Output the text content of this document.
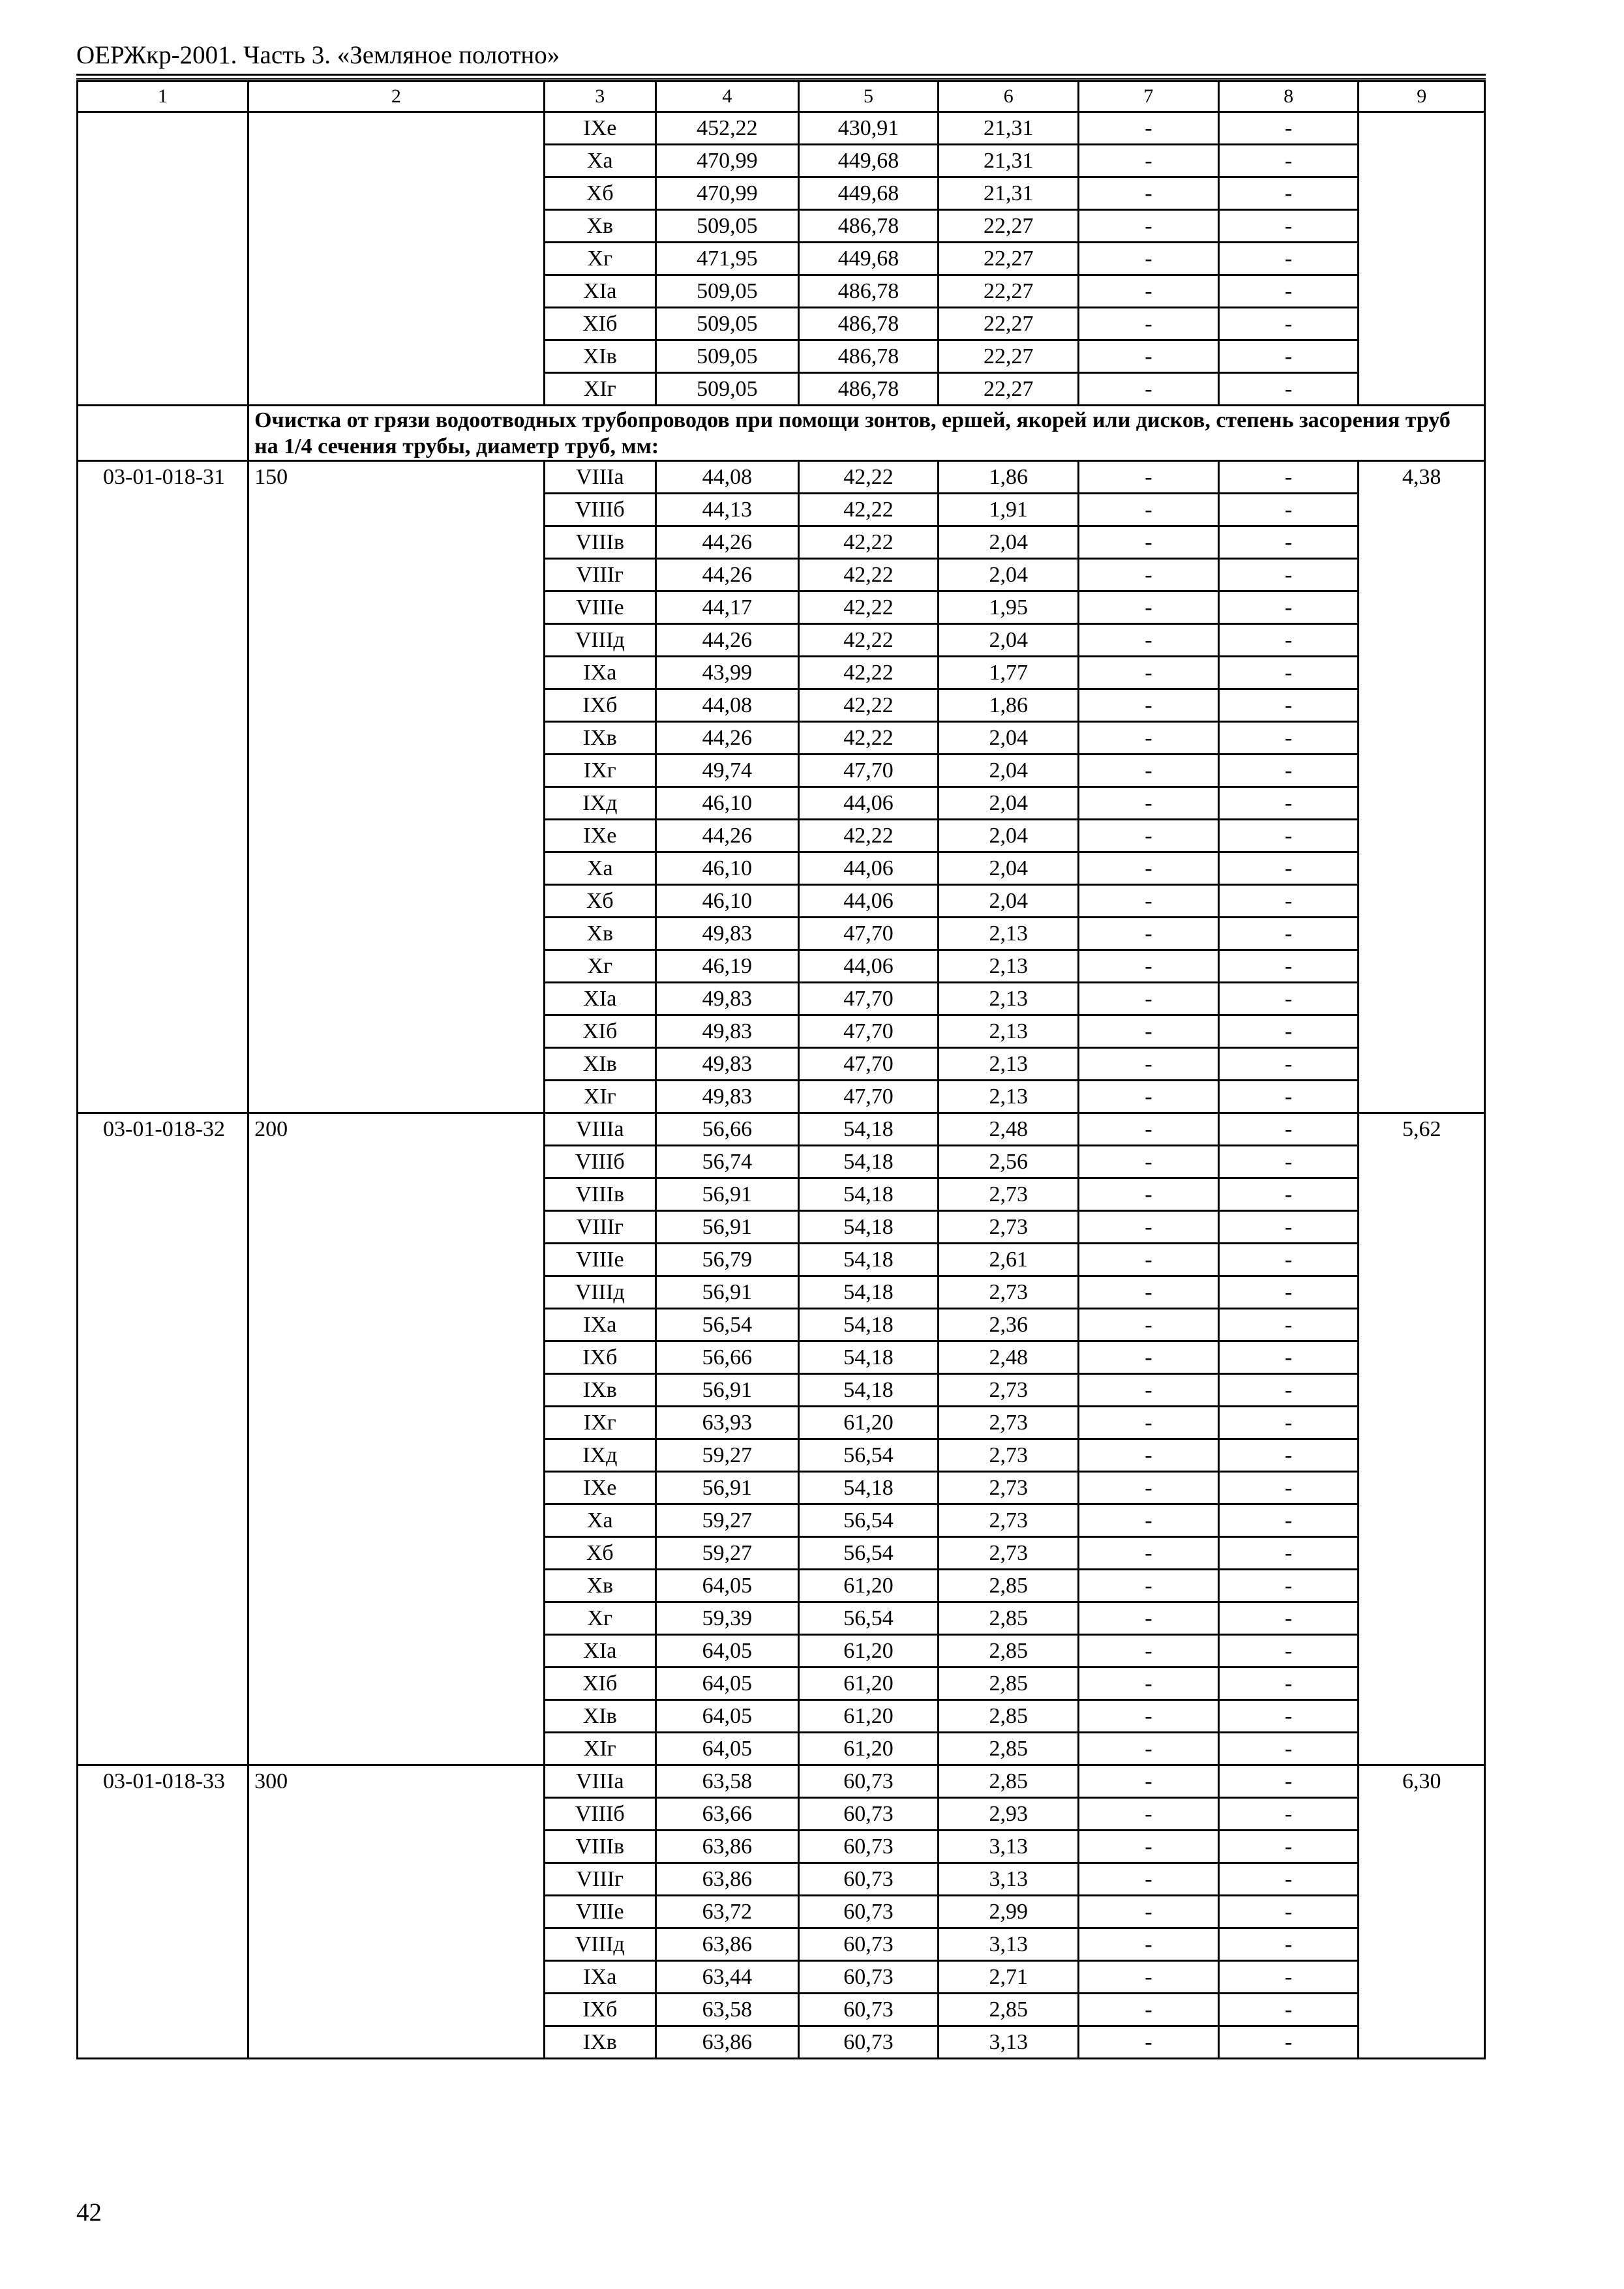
ОЕРЖкр-2001. Часть 3. «Земляное полотно»
1	2	3	4	5	6	7	8	9
		IXе	452,22	430,91	21,31	-	-	
		Xа	470,99	449,68	21,31	-	-	
		Xб	470,99	449,68	21,31	-	-	
		Xв	509,05	486,78	22,27	-	-	
		Xг	471,95	449,68	22,27	-	-	
		XIа	509,05	486,78	22,27	-	-	
		XIб	509,05	486,78	22,27	-	-	
		XIв	509,05	486,78	22,27	-	-	
		XIг	509,05	486,78	22,27	-	-	
	Очистка от грязи водоотводных трубопроводов при помощи зонтов, ершей, якорей или дисков, степень засорения труб на 1/4 сечения трубы, диаметр труб, мм:							
03-01-018-31	150	VIIIа	44,08	42,22	1,86	-	-	4,38
		VIIIб	44,13	42,22	1,91	-	-	
		VIIIв	44,26	42,22	2,04	-	-	
		VIIIг	44,26	42,22	2,04	-	-	
		VIIIе	44,17	42,22	1,95	-	-	
		VIIIд	44,26	42,22	2,04	-	-	
		IXа	43,99	42,22	1,77	-	-	
		IXб	44,08	42,22	1,86	-	-	
		IXв	44,26	42,22	2,04	-	-	
		IXг	49,74	47,70	2,04	-	-	
		IXд	46,10	44,06	2,04	-	-	
		IXе	44,26	42,22	2,04	-	-	
		Xа	46,10	44,06	2,04	-	-	
		Xб	46,10	44,06	2,04	-	-	
		Xв	49,83	47,70	2,13	-	-	
		Xг	46,19	44,06	2,13	-	-	
		XIа	49,83	47,70	2,13	-	-	
		XIб	49,83	47,70	2,13	-	-	
		XIв	49,83	47,70	2,13	-	-	
		XIг	49,83	47,70	2,13	-	-	
03-01-018-32	200	VIIIа	56,66	54,18	2,48	-	-	5,62
		VIIIб	56,74	54,18	2,56	-	-	
		VIIIв	56,91	54,18	2,73	-	-	
		VIIIг	56,91	54,18	2,73	-	-	
		VIIIе	56,79	54,18	2,61	-	-	
		VIIIд	56,91	54,18	2,73	-	-	
		IXа	56,54	54,18	2,36	-	-	
		IXб	56,66	54,18	2,48	-	-	
		IXв	56,91	54,18	2,73	-	-	
		IXг	63,93	61,20	2,73	-	-	
		IXд	59,27	56,54	2,73	-	-	
		IXе	56,91	54,18	2,73	-	-	
		Xа	59,27	56,54	2,73	-	-	
		Xб	59,27	56,54	2,73	-	-	
		Xв	64,05	61,20	2,85	-	-	
		Xг	59,39	56,54	2,85	-	-	
		XIа	64,05	61,20	2,85	-	-	
		XIб	64,05	61,20	2,85	-	-	
		XIв	64,05	61,20	2,85	-	-	
		XIг	64,05	61,20	2,85	-	-	
03-01-018-33	300	VIIIа	63,58	60,73	2,85	-	-	6,30
		VIIIб	63,66	60,73	2,93	-	-	
		VIIIв	63,86	60,73	3,13	-	-	
		VIIIг	63,86	60,73	3,13	-	-	
		VIIIе	63,72	60,73	2,99	-	-	
		VIIIд	63,86	60,73	3,13	-	-	
		IXа	63,44	60,73	2,71	-	-	
		IXб	63,58	60,73	2,85	-	-	
		IXв	63,86	60,73	3,13	-	-	
42
